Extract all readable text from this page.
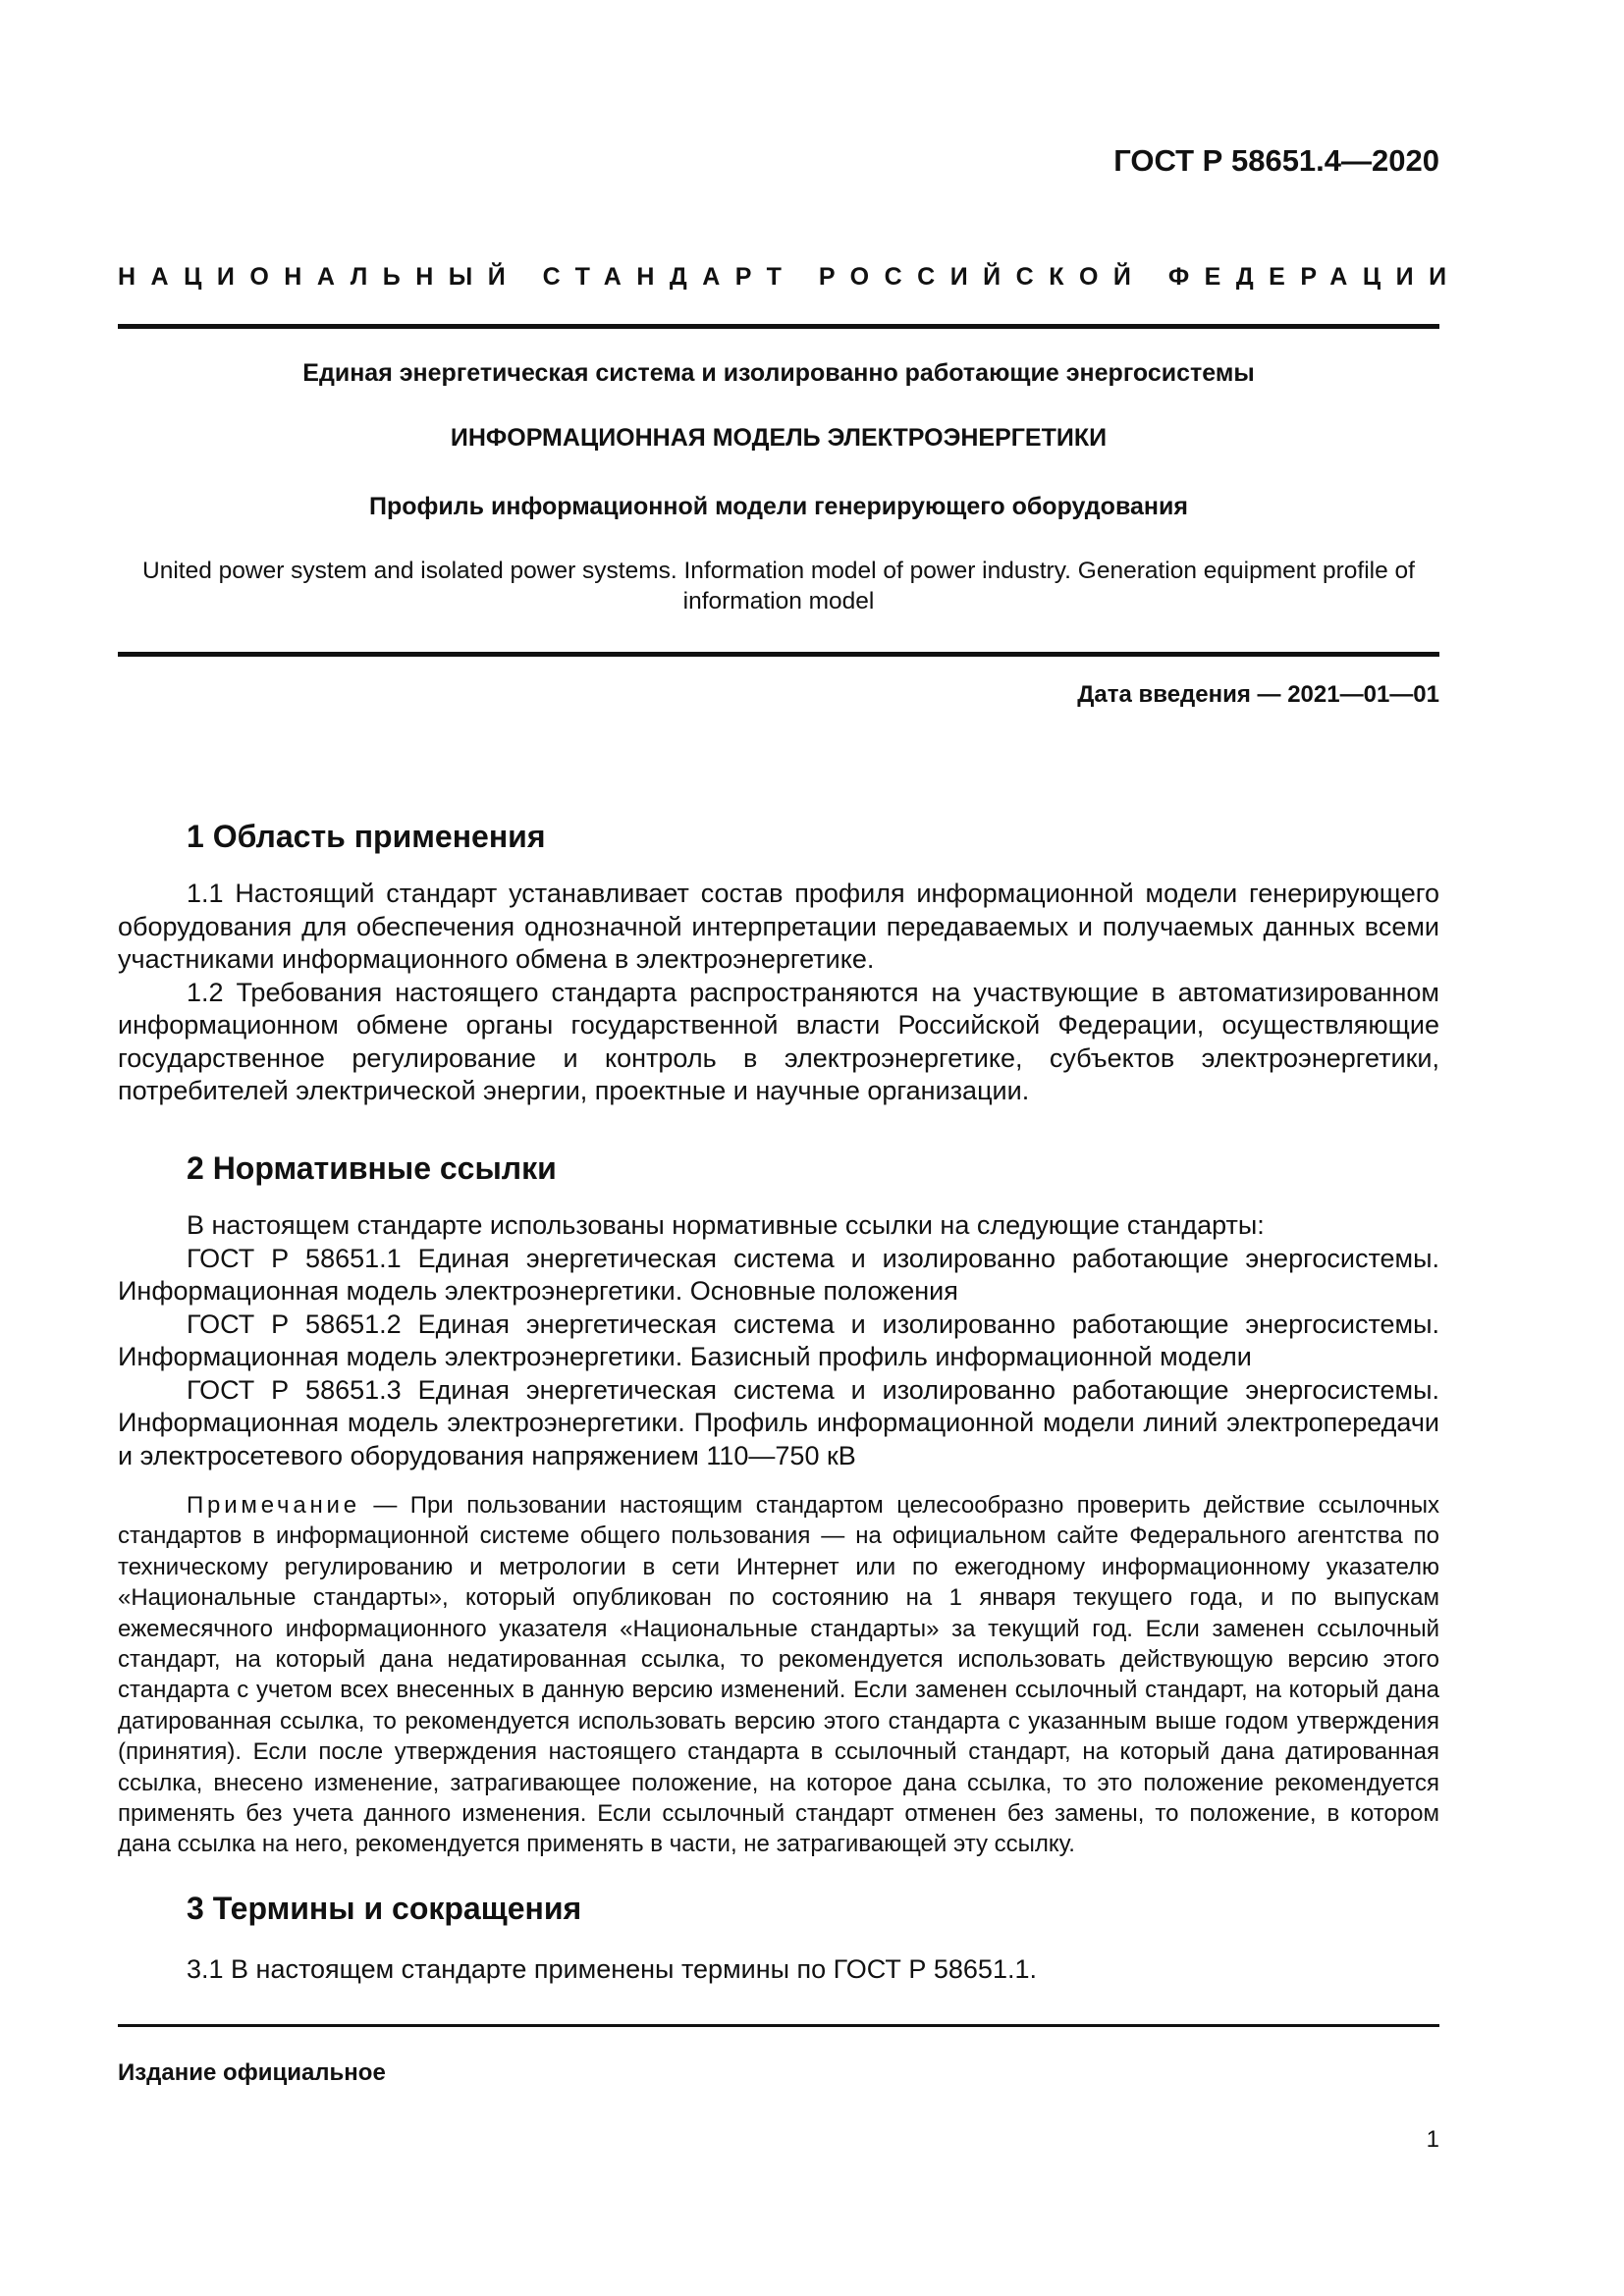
ГОСТ Р 58651.4—2020
НАЦИОНАЛЬНЫЙ СТАНДАРТ РОССИЙСКОЙ ФЕДЕРАЦИИ
Единая энергетическая система и изолированно работающие энергосистемы
ИНФОРМАЦИОННАЯ МОДЕЛЬ ЭЛЕКТРОЭНЕРГЕТИКИ
Профиль информационной модели генерирующего оборудования
United power system and isolated power systems. Information model of power industry. Generation equipment profile of
information model
Дата введения — 2021—01—01
1 Область применения

1.1 Настоящий стандарт устанавливает состав профиля информационной модели генерирующего оборудования для обеспечения однозначной интерпретации передаваемых и получаемых данных всеми участниками информационного обмена в электроэнергетике.

1.2 Требования настоящего стандарта распространяются на участвующие в автоматизированном информационном обмене органы государственной власти Российской Федерации, осуществляющие государственное регулирование и контроль в электроэнергетике, субъектов электроэнергетики, потребителей электрической энергии, проектные и научные организации.

2 Нормативные ссылки

В настоящем стандарте использованы нормативные ссылки на следующие стандарты:

ГОСТ Р 58651.1 Единая энергетическая система и изолированно работающие энергосистемы. Информационная модель электроэнергетики. Основные положения

ГОСТ Р 58651.2 Единая энергетическая система и изолированно работающие энергосистемы. Информационная модель электроэнергетики. Базисный профиль информационной модели

ГОСТ Р 58651.3 Единая энергетическая система и изолированно работающие энергосистемы. Информационная модель электроэнергетики. Профиль информационной модели линий электропередачи и электросетевого оборудования напряжением 110—750 кВ

Примечание — При пользовании настоящим стандартом целесообразно проверить действие ссылочных стандартов в информационной системе общего пользования — на официальном сайте Федерального агентства по техническому регулированию и метрологии в сети Интернет или по ежегодному информационному указателю «Национальные стандарты», который опубликован по состоянию на 1 января текущего года, и по выпускам ежемесячного информационного указателя «Национальные стандарты» за текущий год. Если заменен ссылочный стандарт, на который дана недатированная ссылка, то рекомендуется использовать действующую версию этого стандарта с учетом всех внесенных в данную версию изменений. Если заменен ссылочный стандарт, на который дана датированная ссылка, то рекомендуется использовать версию этого стандарта с указанным выше годом утверждения (принятия). Если после утверждения настоящего стандарта в ссылочный стандарт, на который дана датированная ссылка, внесено изменение, затрагивающее положение, на которое дана ссылка, то это положение рекомендуется применять без учета данного изменения. Если ссылочный стандарт отменен без замены, то положение, в котором дана ссылка на него, рекомендуется применять в части, не затрагивающей эту ссылку.
3 Термины и сокращения

3.1 В настоящем стандарте применены термины по ГОСТ Р 58651.1.

Издание официальное
1
